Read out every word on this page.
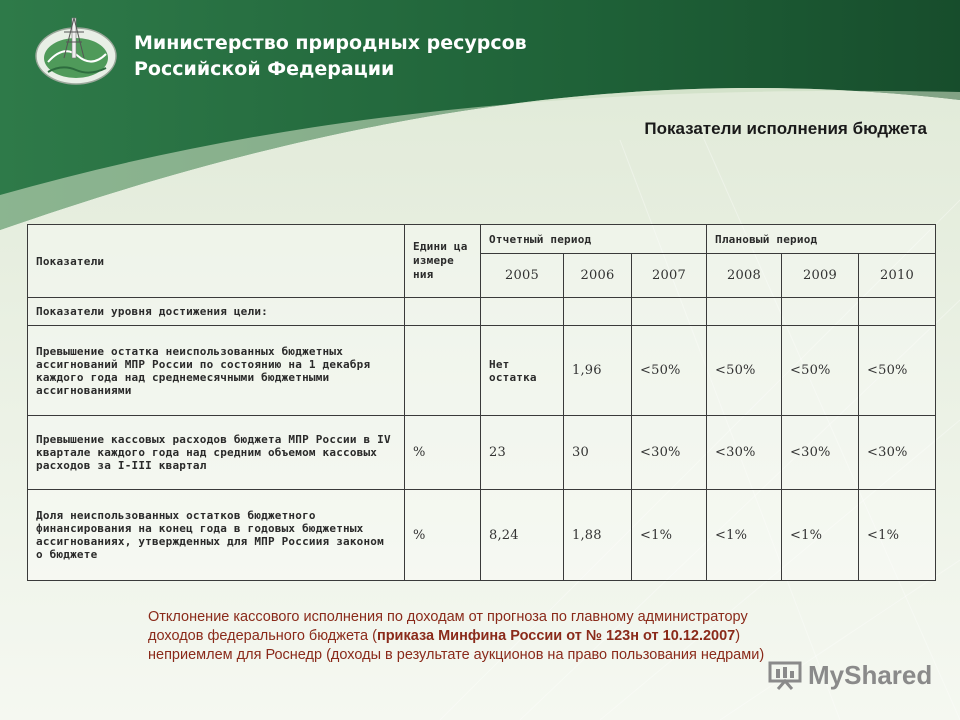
Министерство природных ресурсов
Российской Федерации
Показатели исполнения бюджета
Показатели	Едини ца измере ния	Отчетный период			Плановый период		
		2005	2006	2007	2008	2009	2010
Показатели уровня достижения цели:							
Превышение остатка неиспользованных бюджетных ассигнований МПР России по состоянию на 1 декабря каждого года над среднемесячными бюджетными ассигнованиями		Нет остатка	1,96	<50%	<50%	<50%	<50%
Превышение кассовых расходов бюджета МПР России в IV квартале каждого года над средним объемом кассовых расходов за I-III квартал	%	23	30	<30%	<30%	<30%	<30%
Доля неиспользованных остатков бюджетного финансирования на конец года в годовых бюджетных ассигнованиях, утвержденных для МПР Россиия законом о бюджете	%	8,24	1,88	<1%	<1%	<1%	<1%
Отклонение кассового исполнения по доходам от прогноза по главному администратору
доходов федерального бюджета (приказа Минфина России от № 123н от 10.12.2007)
неприемлем для Роснедр (доходы в результате аукционов на право пользования недрами)
MyShared
